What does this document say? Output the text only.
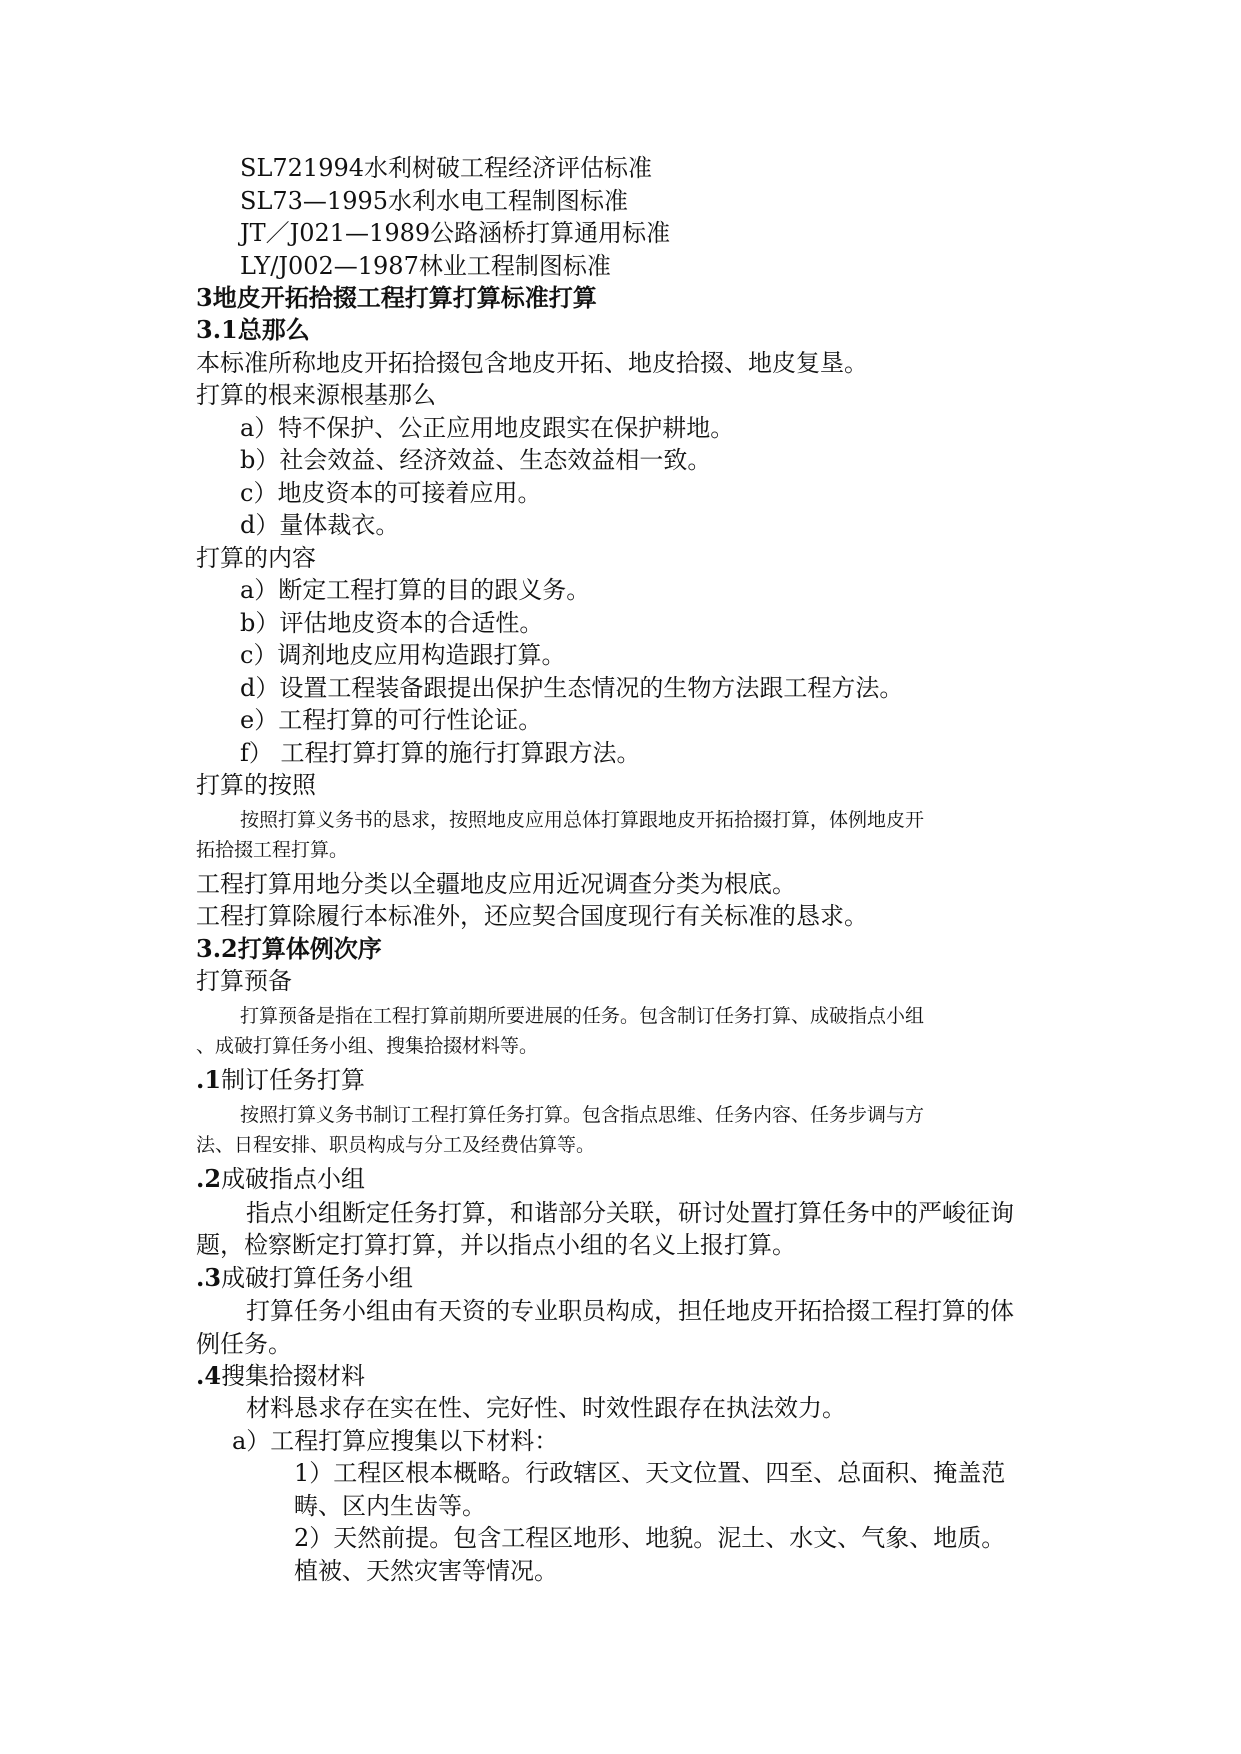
SL721994水利树破工程经济评估标准
SL73—1995水利水电工程制图标准
JT／J021—1989公路涵桥打算通用标准
LY/J002—1987林业工程制图标准
3地皮开拓拾掇工程打算打算标准打算
3.1总那么
本标准所称地皮开拓拾掇包含地皮开拓、地皮拾掇、地皮复垦。
打算的根来源根基那么
a）特不保护、公正应用地皮跟实在保护耕地。
b）社会效益、经济效益、生态效益相一致。
c）地皮资本的可接着应用。
d）量体裁衣。
打算的内容
a）断定工程打算的目的跟义务。
b）评估地皮资本的合适性。
c）调剂地皮应用构造跟打算。
d）设置工程装备跟提出保护生态情况的生物方法跟工程方法。
e）工程打算的可行性论证。
f） 工程打算打算的施行打算跟方法。
打算的按照
按照打算义务书的恳求，按照地皮应用总体打算跟地皮开拓拾掇打算，体例地皮开
拓拾掇工程打算。
工程打算用地分类以全疆地皮应用近况调查分类为根底。
工程打算除履行本标准外，还应契合国度现行有关标准的恳求。
3.2打算体例次序
打算预备
打算预备是指在工程打算前期所要进展的任务。包含制订任务打算、成破指点小组
、成破打算任务小组、搜集拾掇材料等。
.1制订任务打算
按照打算义务书制订工程打算任务打算。包含指点思维、任务内容、任务步调与方
法、日程安排、职员构成与分工及经费估算等。
.2成破指点小组
指点小组断定任务打算，和谐部分关联，研讨处置打算任务中的严峻征询
题，检察断定打算打算，并以指点小组的名义上报打算。
.3成破打算任务小组
打算任务小组由有天资的专业职员构成，担任地皮开拓拾掇工程打算的体
例任务。
.4搜集拾掇材料
材料恳求存在实在性、完好性、时效性跟存在执法效力。
a）工程打算应搜集以下材料：
1）工程区根本概略。行政辖区、天文位置、四至、总面积、掩盖范
畴、区内生齿等。
2）天然前提。包含工程区地形、地貌。泥土、水文、气象、地质。
植被、天然灾害等情况。
